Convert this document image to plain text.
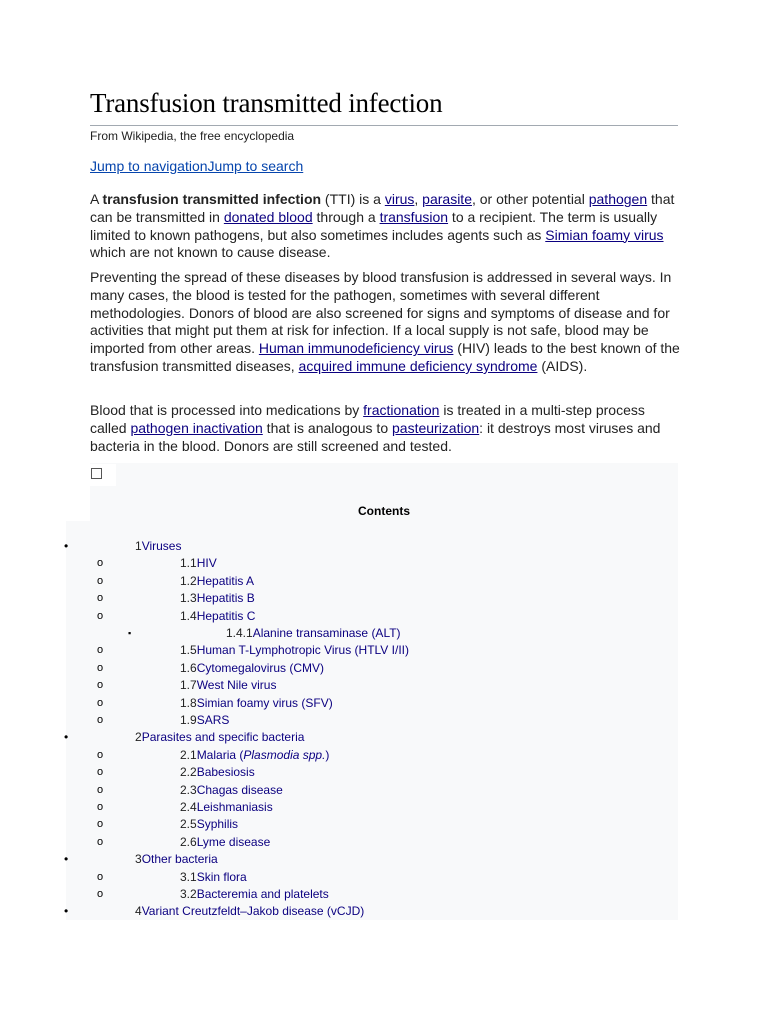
Transfusion transmitted infection
From Wikipedia, the free encyclopedia
Jump to navigationJump to search

A transfusion transmitted infection (TTI) is a virus, parasite, or other potential pathogen that can be transmitted in donated blood through a transfusion to a recipient. The term is usually limited to known pathogens, but also sometimes includes agents such as Simian foamy virus which are not known to cause disease.

Preventing the spread of these diseases by blood transfusion is addressed in several ways. In many cases, the blood is tested for the pathogen, sometimes with several different methodologies. Donors of blood are also screened for signs and symptoms of disease and for activities that might put them at risk for infection. If a local supply is not safe, blood may be imported from other areas. Human immunodeficiency virus (HIV) leads to the best known of the transfusion transmitted diseases, acquired immune deficiency syndrome (AIDS).

Blood that is processed into medications by fractionation is treated in a multi-step process called pathogen inactivation that is analogous to pasteurization: it destroys most viruses and bacteria in the blood. Donors are still screened and tested.

Contents
•	1Viruses
o	1.1HIV
o	1.2Hepatitis A
o	1.3Hepatitis B
o	1.4Hepatitis C
▪	1.4.1Alanine transaminase (ALT)
o	1.5Human T-Lymphotropic Virus (HTLV I/II)
o	1.6Cytomegalovirus (CMV)
o	1.7West Nile virus
o	1.8Simian foamy virus (SFV)
o	1.9SARS
•	2Parasites and specific bacteria
o	2.1Malaria (Plasmodia spp.)
o	2.2Babesiosis
o	2.3Chagas disease
o	2.4Leishmaniasis
o	2.5Syphilis
o	2.6Lyme disease
•	3Other bacteria
o	3.1Skin flora
o	3.2Bacteremia and platelets
•	4Variant Creutzfeldt–Jakob disease (vCJD)
